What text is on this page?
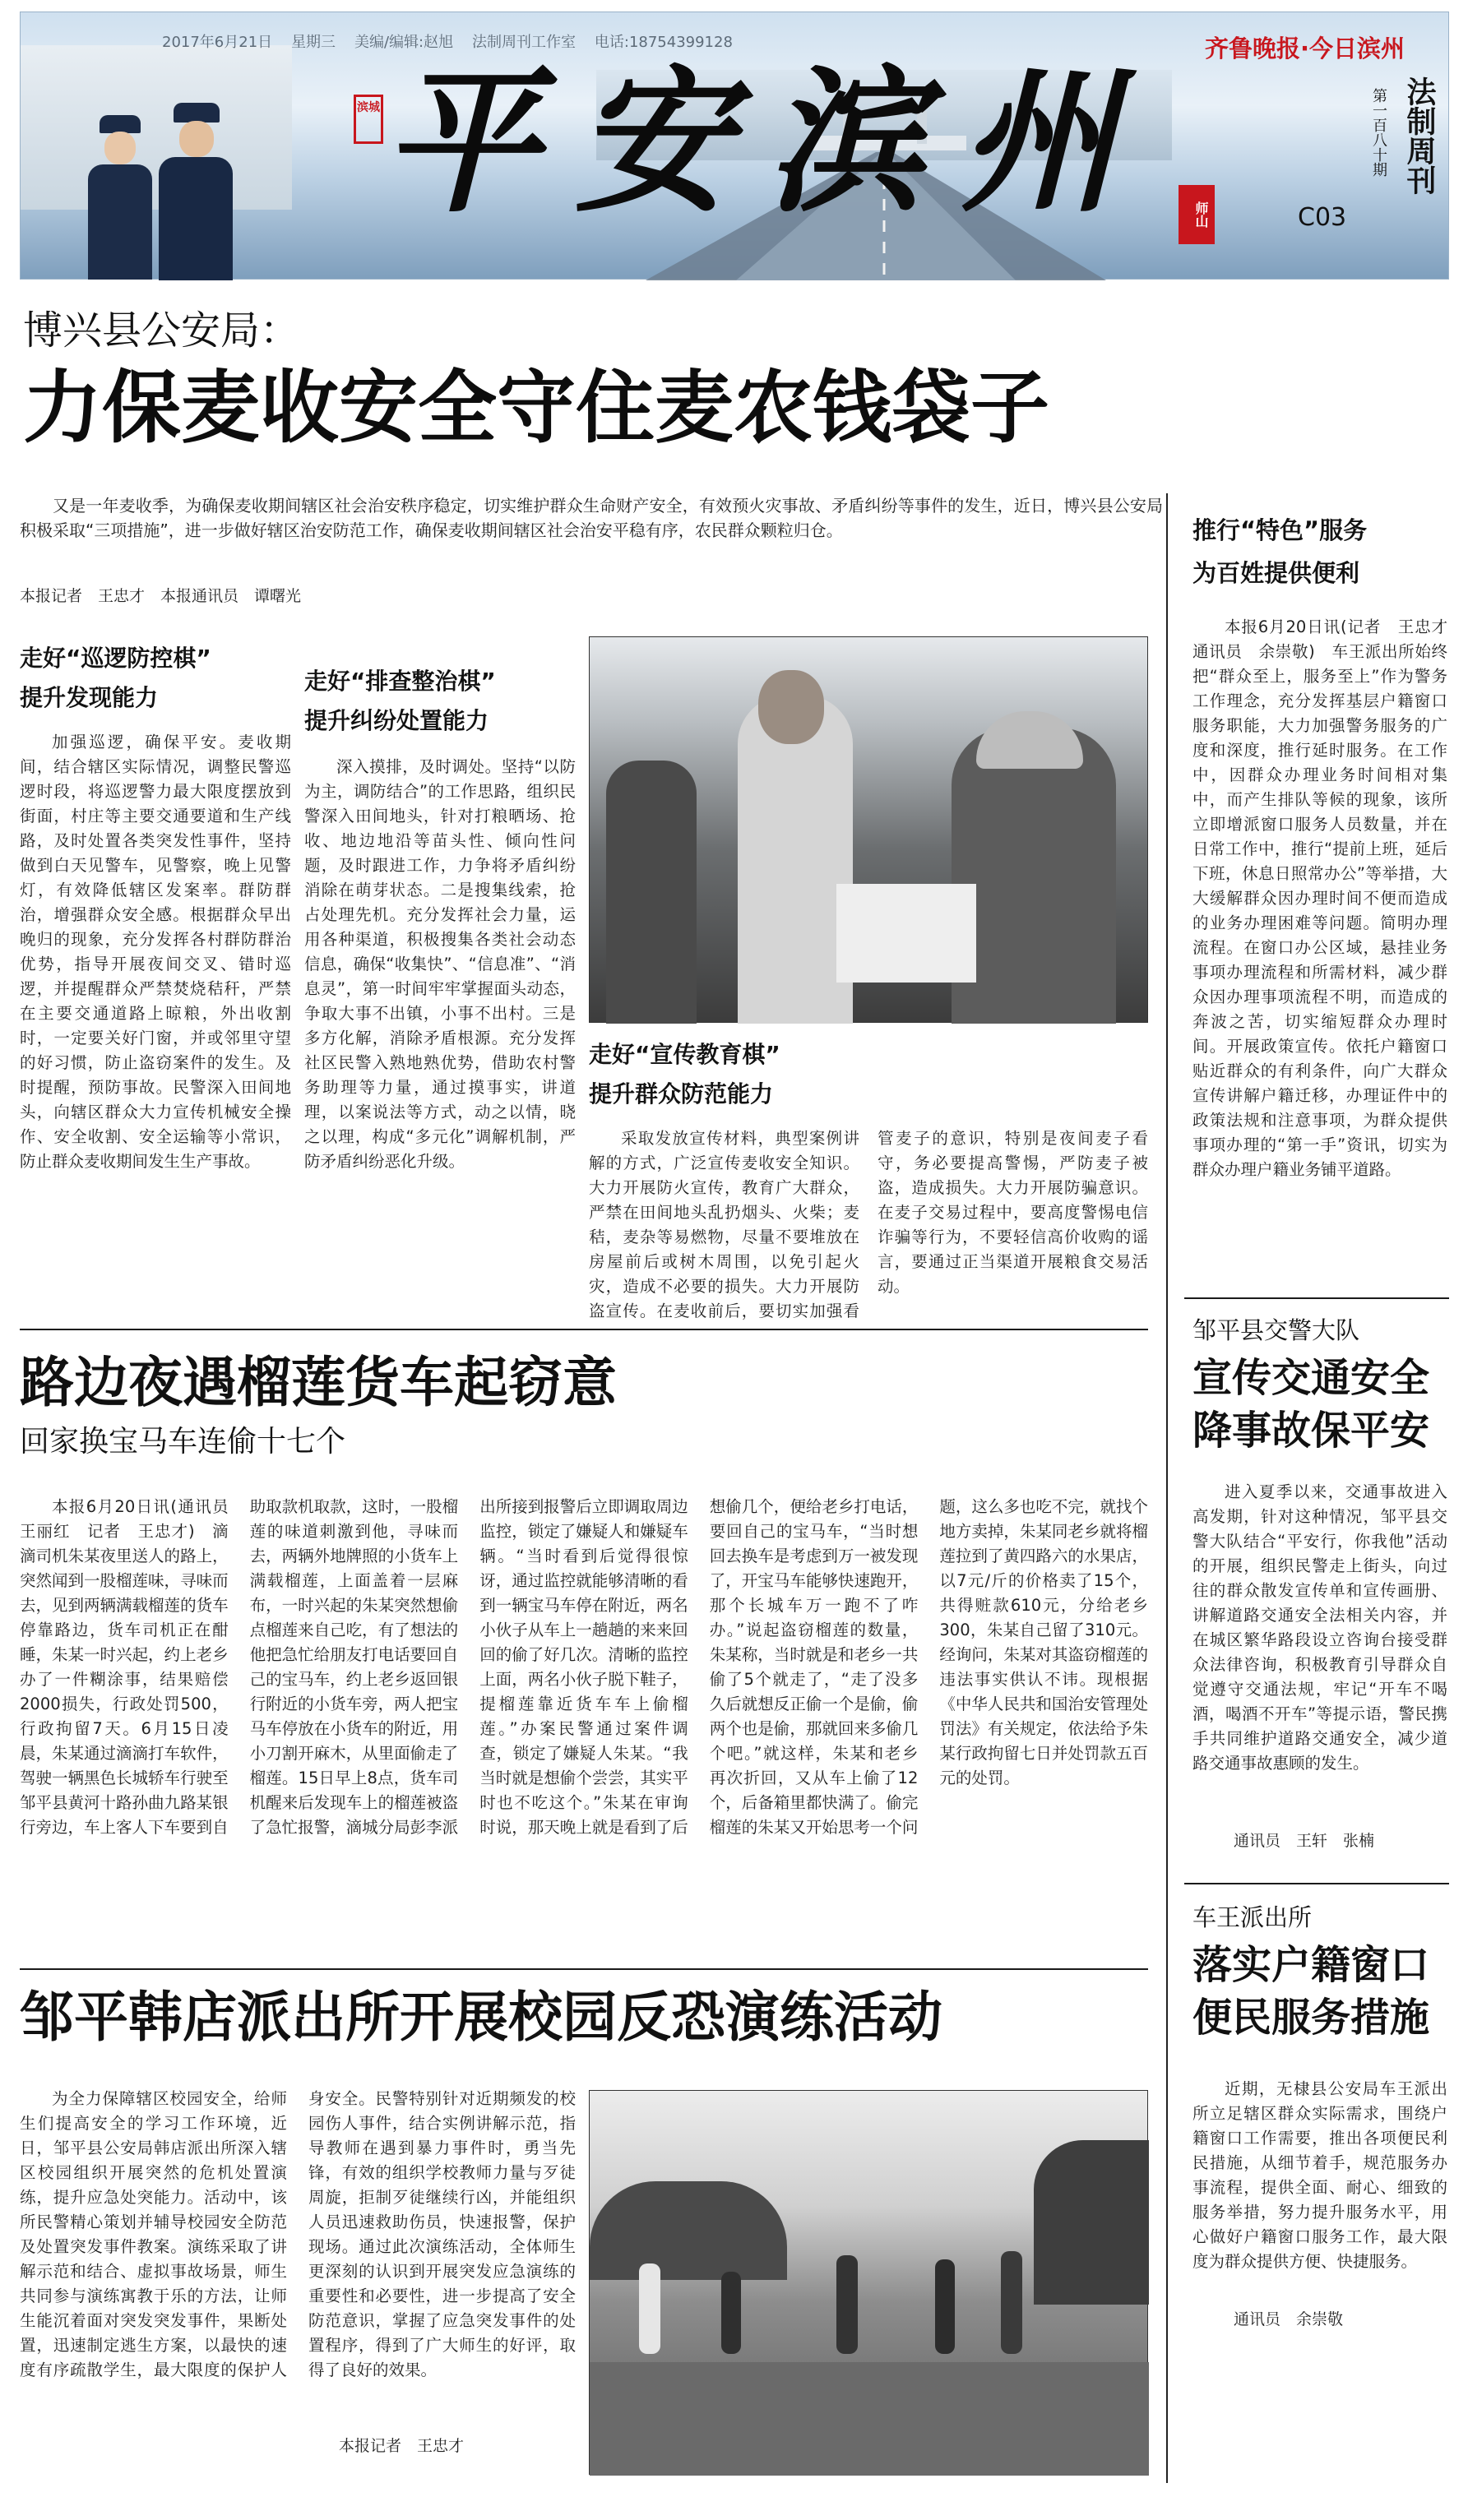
2017年6月21日 星期三 美编/编辑:赵旭 法制周刊工作室 电话:18754399128
滨城 平安滨州
齐鲁晚报·今日滨州
师山	C03
第一百八十期 法制周刊
博兴县公安局：
力保麦收安全守住麦农钱袋子

又是一年麦收季，为确保麦收期间辖区社会治安秩序稳定，切实维护群众生命财产安全，有效预火灾事故、矛盾纠纷等事件的发生，近日，博兴县公安局积极采取“三项措施”，进一步做好辖区治安防范工作，确保麦收期间辖区社会治安平稳有序，农民群众颗粒归仓。

本报记者　王忠才　本报通讯员　谭曙光
走好“巡逻防控棋”
提升发现能力

加强巡逻，确保平安。麦收期间，结合辖区实际情况，调整民警巡逻时段，将巡逻警力最大限度摆放到街面，村庄等主要交通要道和生产线路，及时处置各类突发性事件，坚持做到白天见警车，见警察，晚上见警灯，有效降低辖区发案率。群防群治，增强群众安全感。根据群众早出晚归的现象，充分发挥各村群防群治优势，指导开展夜间交叉、错时巡逻，并提醒群众严禁焚烧秸秆，严禁在主要交通道路上晾粮，外出收割时，一定要关好门窗，并或邻里守望的好习惯，防止盗窃案件的发生。及时提醒，预防事故。民警深入田间地头，向辖区群众大力宣传机械安全操作、安全收割、安全运输等小常识，防止群众麦收期间发生生产事故。

走好“排查整治棋”
提升纠纷处置能力

深入摸排，及时调处。坚持“以防为主，调防结合”的工作思路，组织民警深入田间地头，针对打粮晒场、抢收、地边地沿等苗头性、倾向性问题，及时跟进工作，力争将矛盾纠纷消除在萌芽状态。二是搜集线索，抢占处理先机。充分发挥社会力量，运用各种渠道，积极搜集各类社会动态信息，确保“收集快”、“信息准”、“消息灵”，第一时间牢牢掌握面头动态，争取大事不出镇，小事不出村。三是多方化解，消除矛盾根源。充分发挥社区民警入熟地熟优势，借助农村警务助理等力量，通过摸事实，讲道理，以案说法等方式，动之以情，晓之以理，构成“多元化”调解机制，严防矛盾纠纷恶化升级。

走好“宣传教育棋”
提升群众防范能力

采取发放宣传材料，典型案例讲解的方式，广泛宣传麦收安全知识。大力开展防火宣传，教育广大群众，严禁在田间地头乱扔烟头、火柴；麦秸，麦杂等易燃物，尽量不要堆放在房屋前后或树木周围，以免引起火灾，造成不必要的损失。大力开展防盗宣传。在麦收前后，要切实加强看管麦子的意识，特别是夜间麦子看守，务必要提高警惕，严防麦子被盗，造成损失。大力开展防骗意识。在麦子交易过程中，要高度警惕电信诈骗等行为，不要轻信高价收购的谣言，要通过正当渠道开展粮食交易活动。

推行“特色”服务
为百姓提供便利

本报6月20日讯(记者　王忠才　通讯员　余崇敬)　车王派出所始终把“群众至上，服务至上”作为警务工作理念，充分发挥基层户籍窗口服务职能，大力加强警务服务的广度和深度，推行延时服务。在工作中，因群众办理业务时间相对集中，而产生排队等候的现象，该所立即增派窗口服务人员数量，并在日常工作中，推行“提前上班，延后下班，休息日照常办公”等举措，大大缓解群众因办理时间不便而造成的业务办理困难等问题。简明办理流程。在窗口办公区域，悬挂业务事项办理流程和所需材料，减少群众因办理事项流程不明，而造成的奔波之苦，切实缩短群众办理时间。开展政策宣传。依托户籍窗口贴近群众的有利条件，向广大群众宣传讲解户籍迁移，办理证件中的政策法规和注意事项，为群众提供事项办理的“第一手”资讯，切实为群众办理户籍业务铺平道路。

邹平县交警大队
宣传交通安全
降事故保平安

进入夏季以来，交通事故进入高发期，针对这种情况，邹平县交警大队结合“平安行，你我他”活动的开展，组织民警走上街头，向过往的群众散发宣传单和宣传画册、讲解道路交通安全法相关内容，并在城区繁华路段设立咨询台接受群众法律咨询，积极教育引导群众自觉遵守交通法规，牢记“开车不喝酒，喝酒不开车”等提示语，警民携手共同维护道路交通安全，减少道路交通事故惠顾的发生。

通讯员　王轩　张楠
车王派出所
落实户籍窗口
便民服务措施

近期，无棣县公安局车王派出所立足辖区群众实际需求，围绕户籍窗口工作需要，推出各项便民利民措施，从细节着手，规范服务办事流程，提供全面、耐心、细致的服务举措，努力提升服务水平，用心做好户籍窗口服务工作，最大限度为群众提供方便、快捷服务。

通讯员　余崇敬
路边夜遇榴莲货车起窃意
回家换宝马车连偷十七个

本报6月20日讯(通讯员　王丽红　记者　王忠才)　滴滴司机朱某夜里送人的路上，突然闻到一股榴莲味，寻味而去，见到两辆满载榴莲的货车停靠路边，货车司机正在酣睡，朱某一时兴起，约上老乡办了一件糊涂事，结果赔偿2000损失，行政处罚500，行政拘留7天。6月15日凌晨，朱某通过滴滴打车软件，驾驶一辆黑色长城轿车行驶至邹平县黄河十路孙曲九路某银行旁边，车上客人下车要到自助取款机取款，这时，一股榴莲的味道刺激到他，寻味而去，两辆外地牌照的小货车上满载榴莲，上面盖着一层麻布，一时兴起的朱某突然想偷点榴莲来自己吃，有了想法的他把急忙给朋友打电话要回自己的宝马车，约上老乡返回银行附近的小货车旁，两人把宝马车停放在小货车的附近，用小刀割开麻木，从里面偷走了榴莲。15日早上8点，货车司机醒来后发现车上的榴莲被盗了急忙报警，滴城分局彭李派出所接到报警后立即调取周边监控，锁定了嫌疑人和嫌疑车辆。“当时看到后觉得很惊讶，通过监控就能够清晰的看到一辆宝马车停在附近，两名小伙子从车上一趟趟的来来回回的偷了好几次。清晰的监控上面，两名小伙子脱下鞋子，提榴莲靠近货车车上偷榴莲。”办案民警通过案件调查，锁定了嫌疑人朱某。“我当时就是想偷个尝尝，其实平时也不吃这个。”朱某在审询时说，那天晚上就是看到了后想偷几个，便给老乡打电话，要回自己的宝马车，“当时想回去换车是考虑到万一被发现了，开宝马车能够快速跑开，那个长城车万一跑不了咋办。”说起盗窃榴莲的数量，朱某称，当时就是和老乡一共偷了5个就走了，“走了没多久后就想反正偷一个是偷，偷两个也是偷，那就回来多偷几个吧。”就这样，朱某和老乡再次折回，又从车上偷了12个，后备箱里都快满了。偷完榴莲的朱某又开始思考一个问题，这么多也吃不完，就找个地方卖掉，朱某同老乡就将榴莲拉到了黄四路六的水果店，以7元/斤的价格卖了15个，共得赃款610元，分给老乡300，朱某自己留了310元。经询问，朱某对其盗窃榴莲的违法事实供认不讳。现根据《中华人民共和国治安管理处罚法》有关规定，依法给予朱某行政拘留七日并处罚款五百元的处罚。

邹平韩店派出所开展校园反恐演练活动

为全力保障辖区校园安全，给师生们提高安全的学习工作环境，近日，邹平县公安局韩店派出所深入辖区校园组织开展突然的危机处置演练，提升应急处突能力。活动中，该所民警精心策划并辅导校园安全防范及处置突发事件教案。演练采取了讲解示范和结合、虚拟事故场景，师生共同参与演练寓教于乐的方法，让师生能沉着面对突发突发事件，果断处置，迅速制定逃生方案，以最快的速度有序疏散学生，最大限度的保护人身安全。民警特别针对近期频发的校园伤人事件，结合实例讲解示范，指导教师在遇到暴力事件时，勇当先锋，有效的组织学校教师力量与歹徒周旋，拒制歹徒继续行凶，并能组织人员迅速救助伤员，快速报警，保护现场。通过此次演练活动，全体师生更深刻的认识到开展突发应急演练的重要性和必要性，进一步提高了安全防范意识，掌握了应急突发事件的处置程序，得到了广大师生的好评，取得了良好的效果。

本报记者　王忠才
